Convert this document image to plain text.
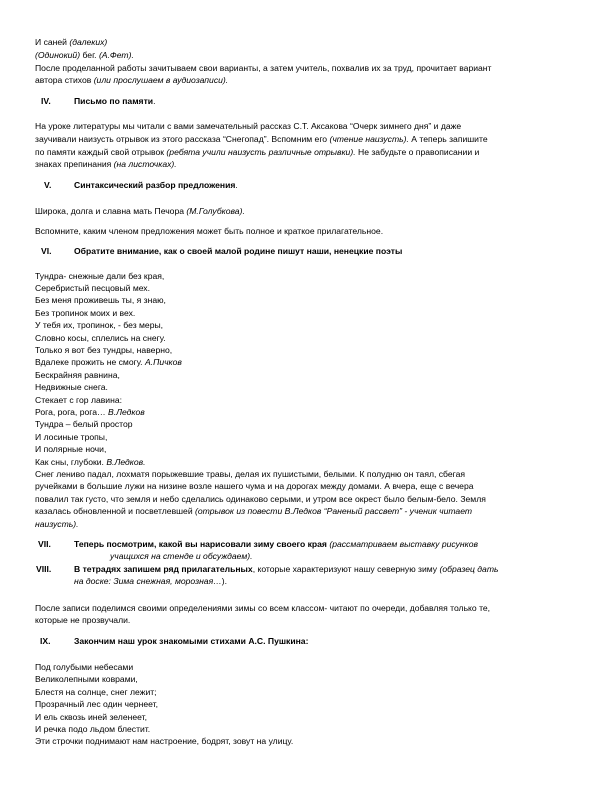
И саней (далеких)
(Одинокий) бег. (А.Фет).
После проделанной работы зачитываем свои варианты, а затем учитель, похвалив их за труд, прочитает вариант
автора стихов (или прослушаем в аудиозаписи).
IV.	Письмо по памяти.
На уроке литературы мы читали с вами замечательный рассказ С.Т. Аксакова “Очерк зимнего дня” и даже
заучивали наизусть отрывок из этого рассказа “Снегопад”. Вспомним его (чтение наизусть). А теперь запишите
по памяти каждый свой отрывок (ребята учили наизусть различные отрывки). Не забудьте о правописании и
знаках препинания (на листочках).
V.	Синтаксический разбор предложения.
Широка, долга и славна мать Печора (М.Голубкова).
Вспомните, каким членом предложения может быть полное и краткое прилагательное.
VI.	Обратите внимание, как о своей малой родине пишут наши, ненецкие поэты
Тундра- снежные дали без края,
Серебристый песцовый мех.
Без меня проживешь ты, я знаю,
Без тропинок моих и вех.
У тебя их, тропинок, - без меры,
Словно косы, сплелись на снегу.
Только я вот без тундры, наверно,
Вдалеке прожить не смогу. А.Пичков
Бескрайняя равнина,
Недвижные снега.
Стекает с гор лавина:
Рога, рога, рога… В.Ледков
Тундра – белый простор
И лосиные тропы,
И полярные ночи,
Как сны, глубоки. В.Ледков.
Снег лениво падал, лохматя порыжевшие травы, делая их пушистыми, белыми. К полудню он таял, сбегая
ручейками в большие лужи на низине возле нашего чума и на дорогах между домами. А вчера, еще с вечера
повалил так густо, что земля и небо сделались одинаково серыми, и утром все окрест было белым-бело. Земля
казалась обновленной и посветлевшей (отрывок из повести В.Ледков “Раненый рассвет” - ученик читает
наизусть).
VII.	Теперь посмотрим, какой вы нарисовали зиму своего края (рассматриваем выставку рисунков
учащихся на стенде и обсуждаем).
VIII.	В тетрадях запишем ряд прилагательных, которые характеризуют нашу северную зиму (образец дать
на доске: Зима снежная, морозная…).
После записи поделимся своими определениями зимы со всем классом- читают по очереди, добавляя только те,
которые не прозвучали.
IX.	Закончим наш урок знакомыми стихами А.С. Пушкина:
Под голубыми небесами
Великолепными коврами,
Блестя на солнце, снег лежит;
Прозрачный лес один чернеет,
И ель сквозь иней зеленеет,
И речка подо льдом блестит.
Эти строчки поднимают нам настроение, бодрят, зовут на улицу.
